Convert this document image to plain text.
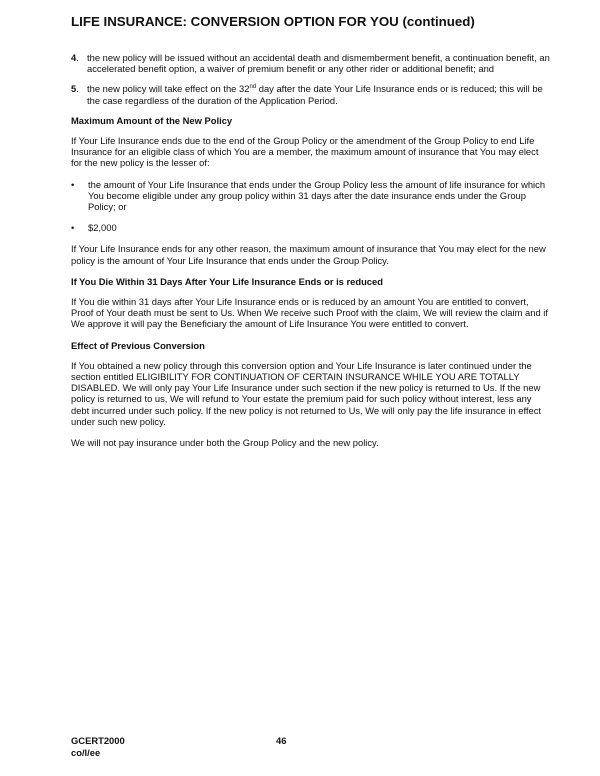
LIFE INSURANCE: CONVERSION OPTION FOR YOU (continued)
4. the new policy will be issued without an accidental death and dismemberment benefit, a continuation benefit, an accelerated benefit option, a waiver of premium benefit or any other rider or additional benefit; and
5. the new policy will take effect on the 32nd day after the date Your Life Insurance ends or is reduced; this will be the case regardless of the duration of the Application Period.
Maximum Amount of the New Policy

If Your Life Insurance ends due to the end of the Group Policy or the amendment of the Group Policy to end Life Insurance for an eligible class of which You are a member, the maximum amount of insurance that You may elect for the new policy is the lesser of:

• the amount of Your Life Insurance that ends under the Group Policy less the amount of life insurance for which You become eligible under any group policy within 31 days after the date insurance ends under the Group Policy; or
• $2,000

If Your Life Insurance ends for any other reason, the maximum amount of insurance that You may elect for the new policy is the amount of Your Life Insurance that ends under the Group Policy.

If You Die Within 31 Days After Your Life Insurance Ends or is reduced

If You die within 31 days after Your Life Insurance ends or is reduced by an amount You are entitled to convert, Proof of Your death must be sent to Us. When We receive such Proof with the claim, We will review the claim and if We approve it will pay the Beneficiary the amount of Life Insurance You were entitled to convert.

Effect of Previous Conversion

If You obtained a new policy through this conversion option and Your Life Insurance is later continued under the section entitled ELIGIBILITY FOR CONTINUATION OF CERTAIN INSURANCE WHILE YOU ARE TOTALLY DISABLED. We will only pay Your Life Insurance under such section if the new policy is returned to Us. If the new policy is returned to us, We will refund to Your estate the premium paid for such policy without interest, less any debt incurred under such policy. If the new policy is not returned to Us, We will only pay the life insurance in effect under such new policy.

We will not pay insurance under both the Group Policy and the new policy.

GCERT2000
co/l/ee
46
